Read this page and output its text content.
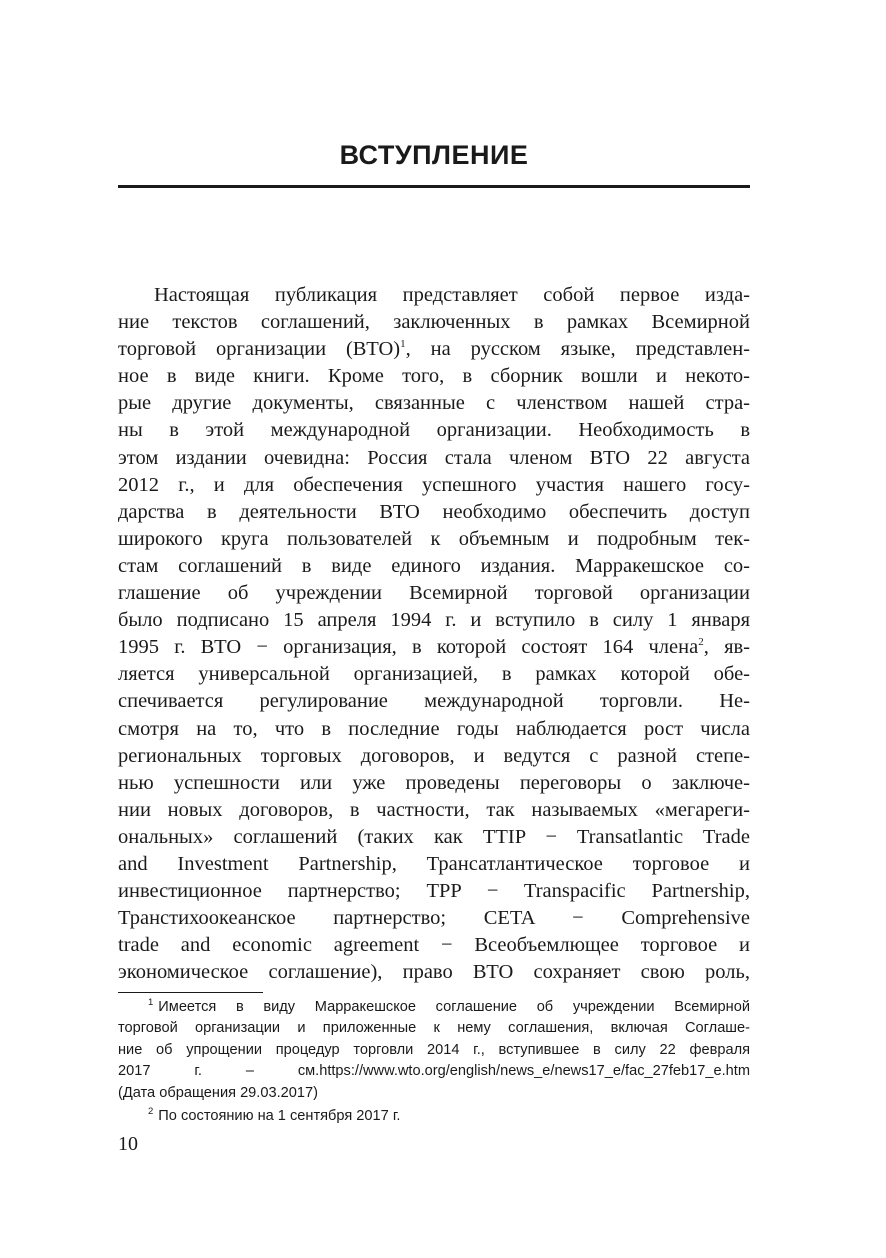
ВСТУПЛЕНИЕ
Настоящая публикация представляет собой первое изда-
ние текстов соглашений, заключенных в рамках Всемирной
торговой организации (ВТО)$^1$, на русском языке, представлен-
ное в виде книги. Кроме того, в сборник вошли и некото-
рые другие документы, связанные с членством нашей стра-
ны в этой международной организации. Необходимость в
этом издании очевидна: Россия стала членом ВТО 22 августа
2012 г., и для обеспечения успешного участия нашего госу-
дарства в деятельности ВТО необходимо обеспечить доступ
широкого круга пользователей к объемным и подробным тек-
стам соглашений в виде единого издания. Марракешское со-
глашение об учреждении Всемирной торговой организации
было подписано 15 апреля 1994 г. и вступило в силу 1 января
1995 г. ВТО − организация, в которой состоят 164 члена$^2$, яв-
ляется универсальной организацией, в рамках которой обе-
спечивается регулирование международной торговли. Не-
смотря на то, что в последние годы наблюдается рост числа
региональных торговых договоров, и ведутся с разной степе-
нью успешности или уже проведены переговоры о заключе-
нии новых договоров, в частности, так называемых «мегареги-
ональных» соглашений (таких как TTIP − Transatlantic Trade
and Investment Partnership, Трансатлантическое торговое и
инвестиционное партнерство; TPP − Transpacific Partnership,
Транстихоокеанское партнерство; CETA − Comprehensive
trade and economic agreement − Всеобъемлющее торговое и
экономическое соглашение), право ВТО сохраняет свою роль,
$^1$ Имеется в виду Марракешское соглашение об учреждении Всемирной
торговой организации и приложенные к нему соглашения, включая Соглаше-
ние об упрощении процедур торговли 2014 г., вступившее в силу 22 февраля
2017 г. – см.https://www.wto.org/english/news_e/news17_e/fac_27feb17_e.htm
(Дата обращения 29.03.2017)
$^2$ По состоянию на 1 сентября 2017 г.
10
